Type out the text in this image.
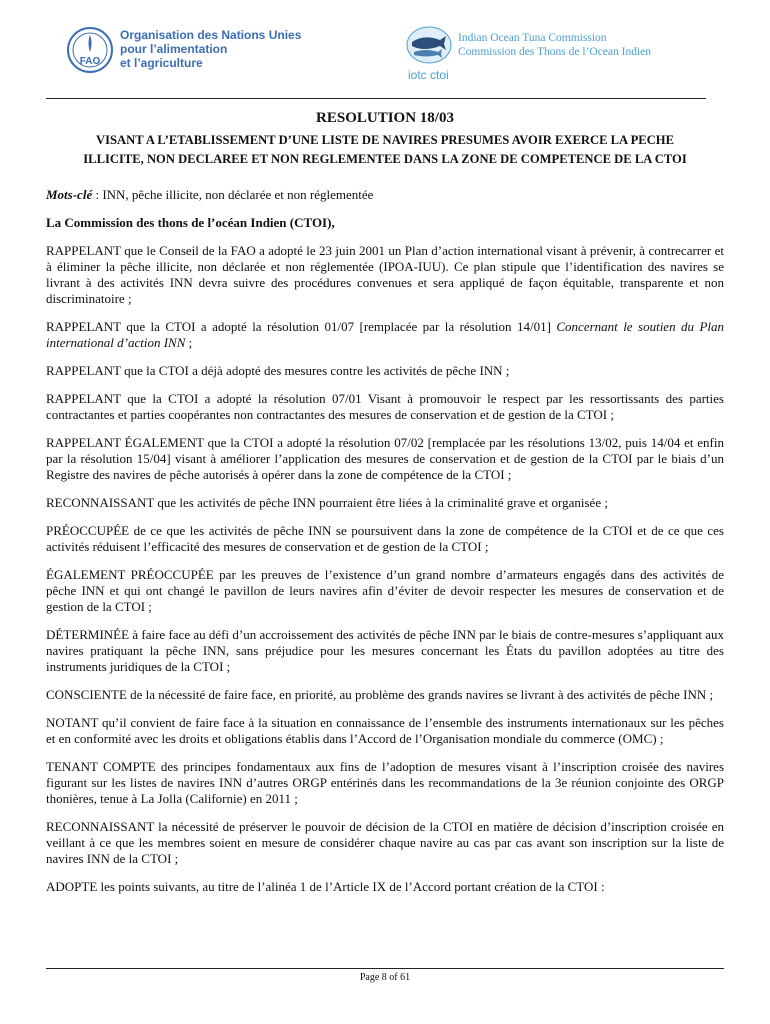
FAO
Organisation des Nations Unies
pour l’alimentation
et l’agriculture
iotc ctoi
Indian Ocean Tuna Commission
Commission des Thons de l’Ocean Indien
RESOLUTION 18/03
VISANT A L’ETABLISSEMENT D’UNE LISTE DE NAVIRES PRESUMES AVOIR EXERCE LA PECHE
ILLICITE, NON DECLAREE ET NON REGLEMENTEE DANS LA ZONE DE COMPETENCE DE LA CTOI

Mots-clé : INN, pêche illicite, non déclarée et non réglementée

La Commission des thons de l’océan Indien (CTOI),

RAPPELANT que le Conseil de la FAO a adopté le 23 juin 2001 un Plan d’action international visant à prévenir, à contrecarrer et à éliminer la pêche illicite, non déclarée et non réglementée (IPOA-IUU). Ce plan stipule que l’identification des navires se livrant à des activités INN devra suivre des procédures convenues et sera appliqué de façon équitable, transparente et non discriminatoire ;

RAPPELANT que la CTOI a adopté la résolution 01/07 [remplacée par la résolution 14/01] Concernant le soutien du Plan international d’action INN ;

RAPPELANT que la CTOI a déjà adopté des mesures contre les activités de pêche INN ;

RAPPELANT que la CTOI a adopté la résolution 07/01 Visant à promouvoir le respect par les ressortissants des parties contractantes et parties coopérantes non contractantes des mesures de conservation et de gestion de la CTOI ;

RAPPELANT ÉGALEMENT que la CTOI a adopté la résolution 07/02 [remplacée par les résolutions 13/02, puis 14/04 et enfin par la résolution 15/04] visant à améliorer l’application des mesures de conservation et de gestion de la CTOI par le biais d’un Registre des navires de pêche autorisés à opérer dans la zone de compétence de la CTOI ;

RECONNAISSANT que les activités de pêche INN pourraient être liées à la criminalité grave et organisée ;

PRÉOCCUPÉE de ce que les activités de pêche INN se poursuivent dans la zone de compétence de la CTOI et de ce que ces activités réduisent l’efficacité des mesures de conservation et de gestion de la CTOI ;

ÉGALEMENT PRÉOCCUPÉE par les preuves de l’existence d’un grand nombre d’armateurs engagés dans des activités de pêche INN et qui ont changé le pavillon de leurs navires afin d’éviter de devoir respecter les mesures de conservation et de gestion de la CTOI ;

DÉTERMINÉE à faire face au défi d’un accroissement des activités de pêche INN par le biais de contre-mesures s’appliquant aux navires pratiquant la pêche INN, sans préjudice pour les mesures concernant les États du pavillon adoptées au titre des instruments juridiques de la CTOI ;

CONSCIENTE de la nécessité de faire face, en priorité, au problème des grands navires se livrant à des activités de pêche INN ;

NOTANT qu’il convient de faire face à la situation en connaissance de l’ensemble des instruments internationaux sur les pêches et en conformité avec les droits et obligations établis dans l’Accord de l’Organisation mondiale du commerce (OMC) ;

TENANT COMPTE des principes fondamentaux aux fins de l’adoption de mesures visant à l’inscription croisée des navires figurant sur les listes de navires INN d’autres ORGP entérinés dans les recommandations de la 3e réunion conjointe des ORGP thonières, tenue à La Jolla (Californie) en 2011 ;

RECONNAISSANT la nécessité de préserver le pouvoir de décision de la CTOI en matière de décision d’inscription croisée en veillant à ce que les membres soient en mesure de considérer chaque navire au cas par cas avant son inscription sur la liste de navires INN de la CTOI ;

ADOPTE les points suivants, au titre de l’alinéa 1 de l’Article IX de l’Accord portant création de la CTOI :

Page 8 of 61
